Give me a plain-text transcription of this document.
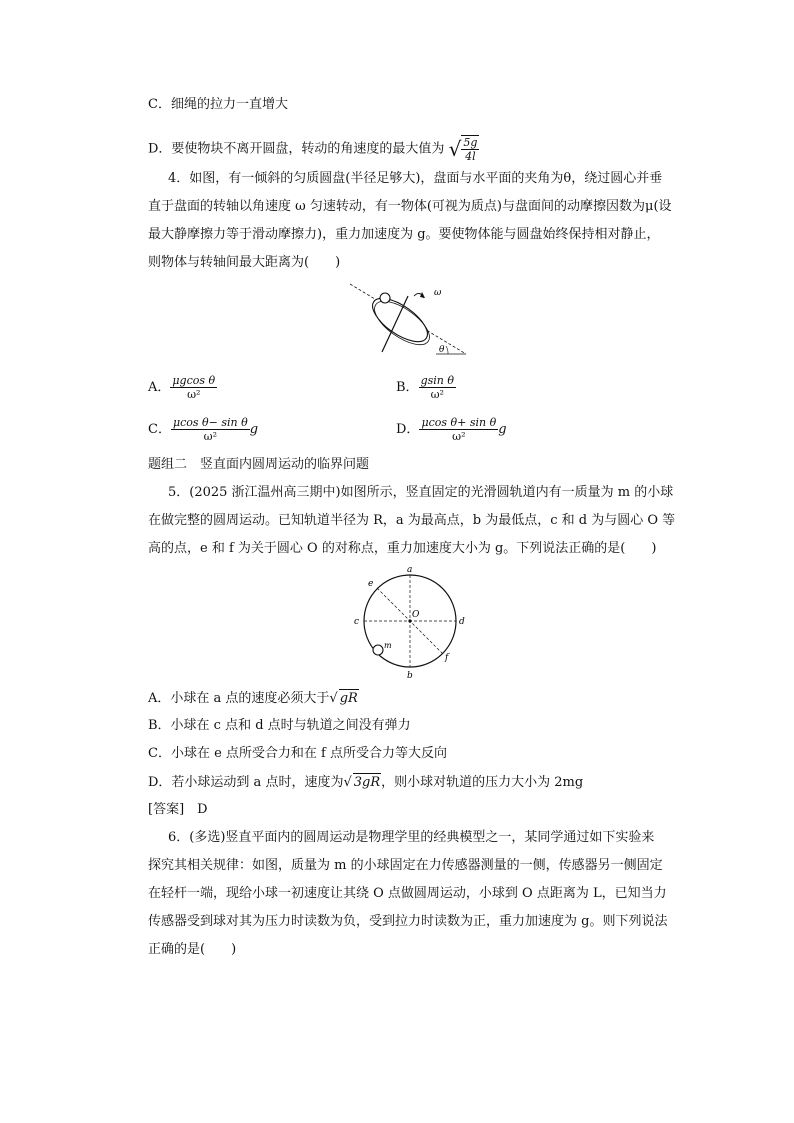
C．细绳的拉力一直增大
D．要使物块不离开圆盘，转动的角速度的最大值为 √ $\frac{5g}{4l}$
4．如图，有一倾斜的匀质圆盘(半径足够大)，盘面与水平面的夹角为θ，绕过圆心并垂
直于盘面的转轴以角速度 ω 匀速转动，有一物体(可视为质点)与盘面间的动摩擦因数为μ(设
最大静摩擦力等于滑动摩擦力)，重力加速度为 g。要使物体能与圆盘始终保持相对静止，
则物体与转轴间最大距离为(　　)
ω
θ
A． $\frac{\text{μgcos θ}}{\text{ω²}}$	B． $\frac{\text{gsin θ}}{\text{ω²}}$
C． $\frac{\text{μcos θ− sin θ}}{\text{ω²}}$ g	D． $\frac{\text{μcos θ+ sin θ}}{\text{ω²}}$ g
题组二　竖直面内圆周运动的临界问题
5．(2025 浙江温州高三期中)如图所示，竖直固定的光滑圆轨道内有一质量为 m 的小球
在做完整的圆周运动。已知轨道半径为 R，a 为最高点，b 为最低点，c 和 d 为与圆心 O 等
高的点，e 和 f 为关于圆心 O 的对称点，重力加速度大小为 g。下列说法正确的是(　　)
a
b
c	d
e
f
O
m
A．小球在 a 点的速度必须大于√ gR
B．小球在 c 点和 d 点时与轨道之间没有弹力
C．小球在 e 点所受合力和在 f 点所受合力等大反向
D．若小球运动到 a 点时，速度为√ 3gR，则小球对轨道的压力大小为 2mg
[答案]　D
6．(多选)竖直平面内的圆周运动是物理学里的经典模型之一，某同学通过如下实验来
探究其相关规律：如图，质量为 m 的小球固定在力传感器测量的一侧，传感器另一侧固定
在轻杆一端，现给小球一初速度让其绕 O 点做圆周运动，小球到 O 点距离为 L，已知当力
传感器受到球对其为压力时读数为负，受到拉力时读数为正，重力加速度为 g。则下列说法
正确的是(　　)
